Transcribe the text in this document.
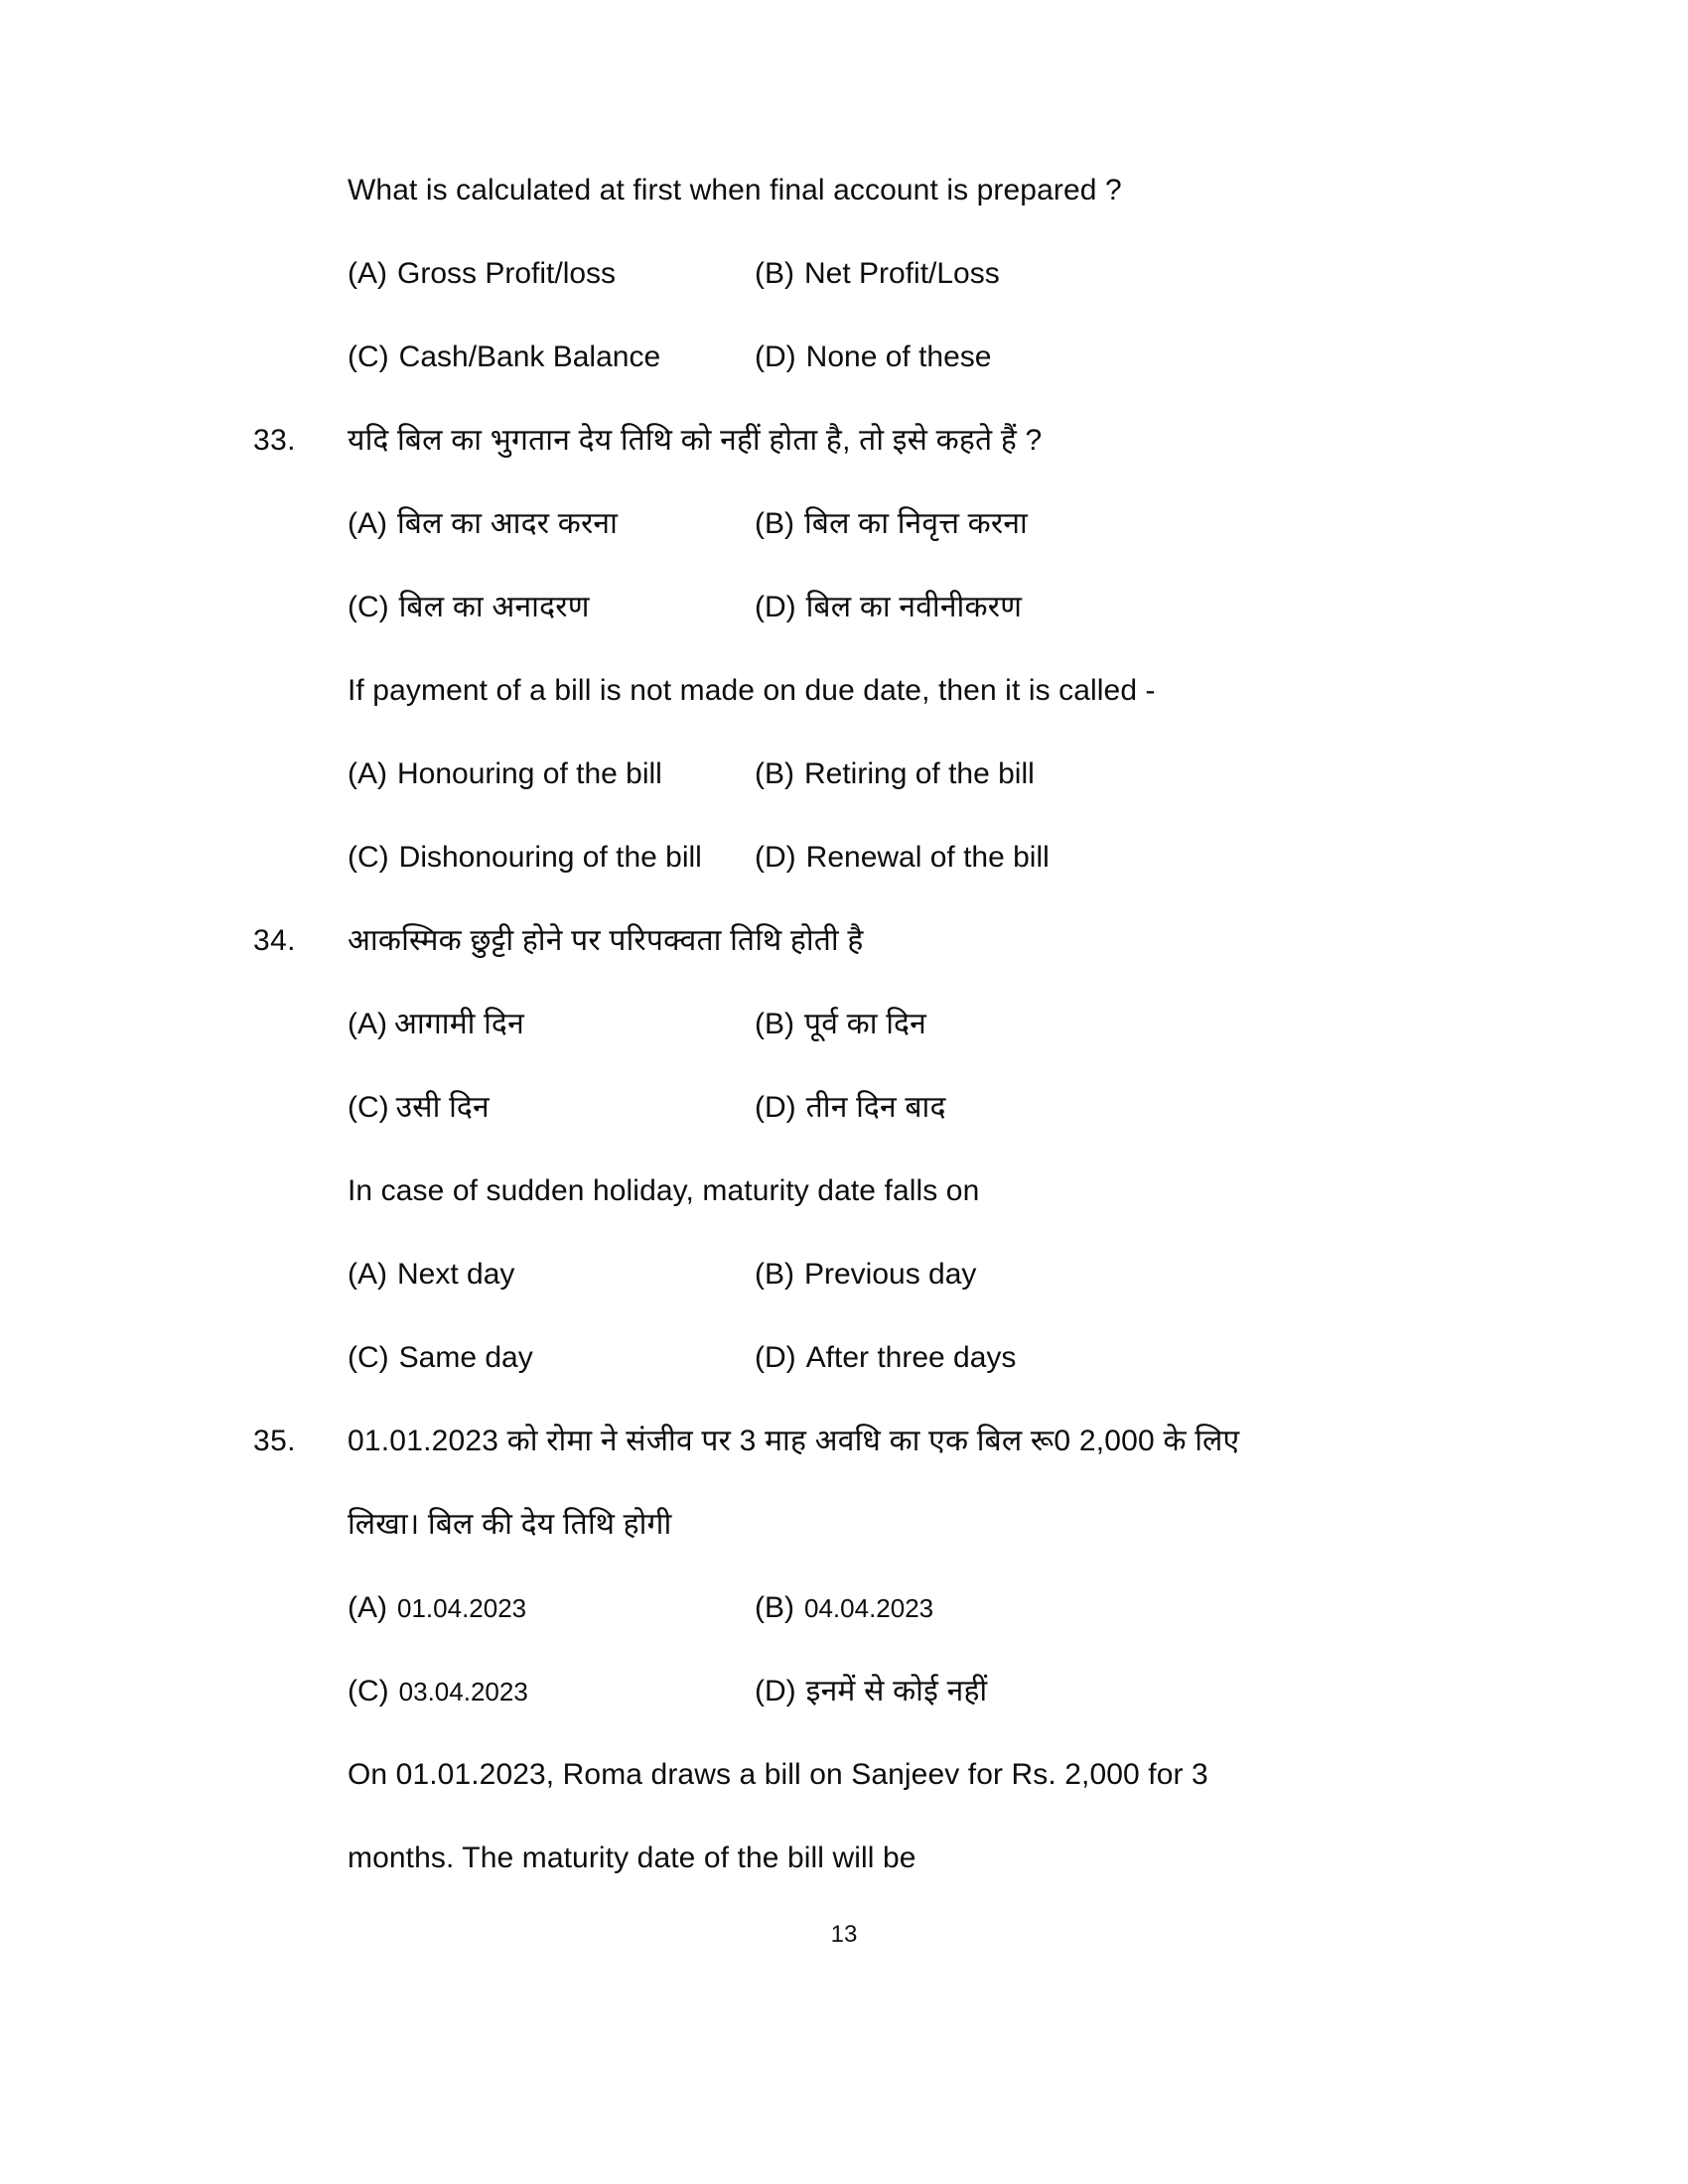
What is calculated at first when final account is prepared ?
(A) Gross Profit/loss	(B) Net Profit/Loss
(C) Cash/Bank Balance	(D) None of these
33.	यदि बिल का भुगतान देय तिथि को नहीं होता है, तो इसे कहते हैं ?
(A) बिल का आदर करना	(B) बिल का निवृत्त करना
(C) बिल का अनादरण	(D) बिल का नवीनीकरण
If payment of a bill is not made on due date, then it is called -
(A) Honouring of the bill	(B) Retiring of the bill
(C) Dishonouring of the bill (D) Renewal of the bill
34.	आकस्मिक छुट्टी होने पर परिपक्वता तिथि होती है
(A) आगामी दिन	(B) पूर्व का दिन
(C) उसी दिन	(D) तीन दिन बाद
In case of sudden holiday, maturity date falls on
(A) Next day	(B) Previous day
(C) Same day	(D) After three days
35.	01.01.2023 को रोमा ने संजीव पर 3 माह अवधि का एक बिल रू0 2,000 के लिए
लिखा। बिल की देय तिथि होगी
(A) 01.04.2023	(B) 04.04.2023
(C) 03.04.2023	(D) इनमें से कोई नहीं
On 01.01.2023, Roma draws a bill on Sanjeev for Rs. 2,000 for 3
months. The maturity date of the bill will be
13
